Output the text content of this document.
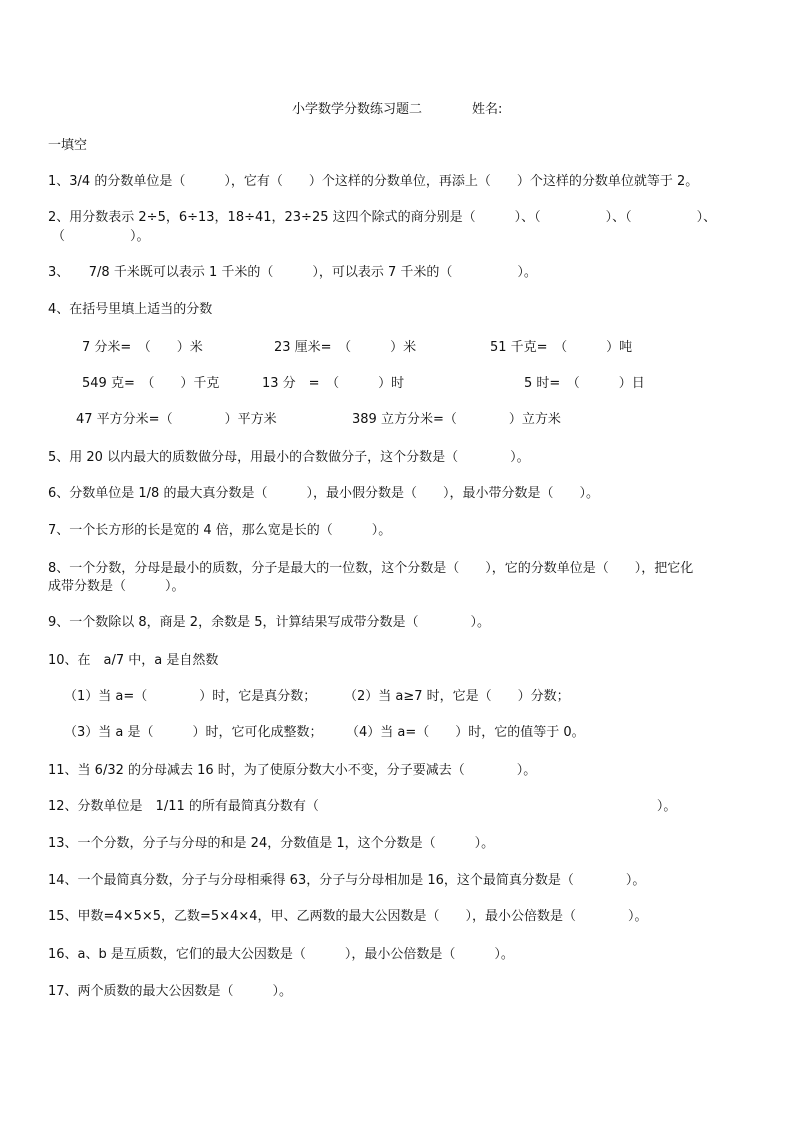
小学数学分数练习题二	姓名:
一填空
1、3/4 的分数单位是（　　　），它有（　　）个这样的分数单位，再添上（　　）个这样的分数单位就等于 2。
2、用分数表示 2÷5，6÷13，18÷41，23÷25 这四个除式的商分别是（　　　）、（　　　　　）、（　　　　　）、
（　　　　　）。
3、　　7/8 千米既可以表示 1 千米的（　　　），可以表示 7 千米的（　　　　　）。
4、在括号里填上适当的分数
7 分米=　（　　）米	23 厘米=　（　　　）米	51 千克=　（　　　）吨
549 克=　（　　）千克	13 分　=　（　　　）时	5 时=　（　　　）日
47 平方分米=（　　　　）平方米	389 立方分米=（　　　　）立方米
5、用 20 以内最大的质数做分母，用最小的合数做分子，这个分数是（　　　　）。
6、分数单位是 1/8 的最大真分数是（　　　），最小假分数是（　　），最小带分数是（　　）。
7、一个长方形的长是宽的 4 倍，那么宽是长的（　　　）。
8、一个分数，分母是最小的质数，分子是最大的一位数，这个分数是（　　），它的分数单位是（　　），把它化
成带分数是（　　　）。
9、一个数除以 8，商是 2，余数是 5，计算结果写成带分数是（　　　　）。
10、在　a/7 中，a 是自然数
（1）当 a=（　　　　）时，它是真分数； （2）当 a≥7 时，它是（　　）分数；
（3）当 a 是（　　　）时，它可化成整数； （4）当 a=（　　）时，它的值等于 0。
11、当 6/32 的分母减去 16 时，为了使原分数大小不变，分子要减去（　　　　）。
12、分数单位是　1/11 的所有最简真分数有（　　　　　　　　　　　　　　　　　　　　　　　　　　）。
13、一个分数，分子与分母的和是 24，分数值是 1，这个分数是（　　　）。
14、一个最简真分数，分子与分母相乘得 63，分子与分母相加是 16，这个最简真分数是（　　　　）。
15、甲数=4×5×5，乙数=5×4×4，甲、乙两数的最大公因数是（　　），最小公倍数是（　　　　）。
16、a、b 是互质数，它们的最大公因数是（　　　），最小公倍数是（　　　）。
17、两个质数的最大公因数是（　　　）。
